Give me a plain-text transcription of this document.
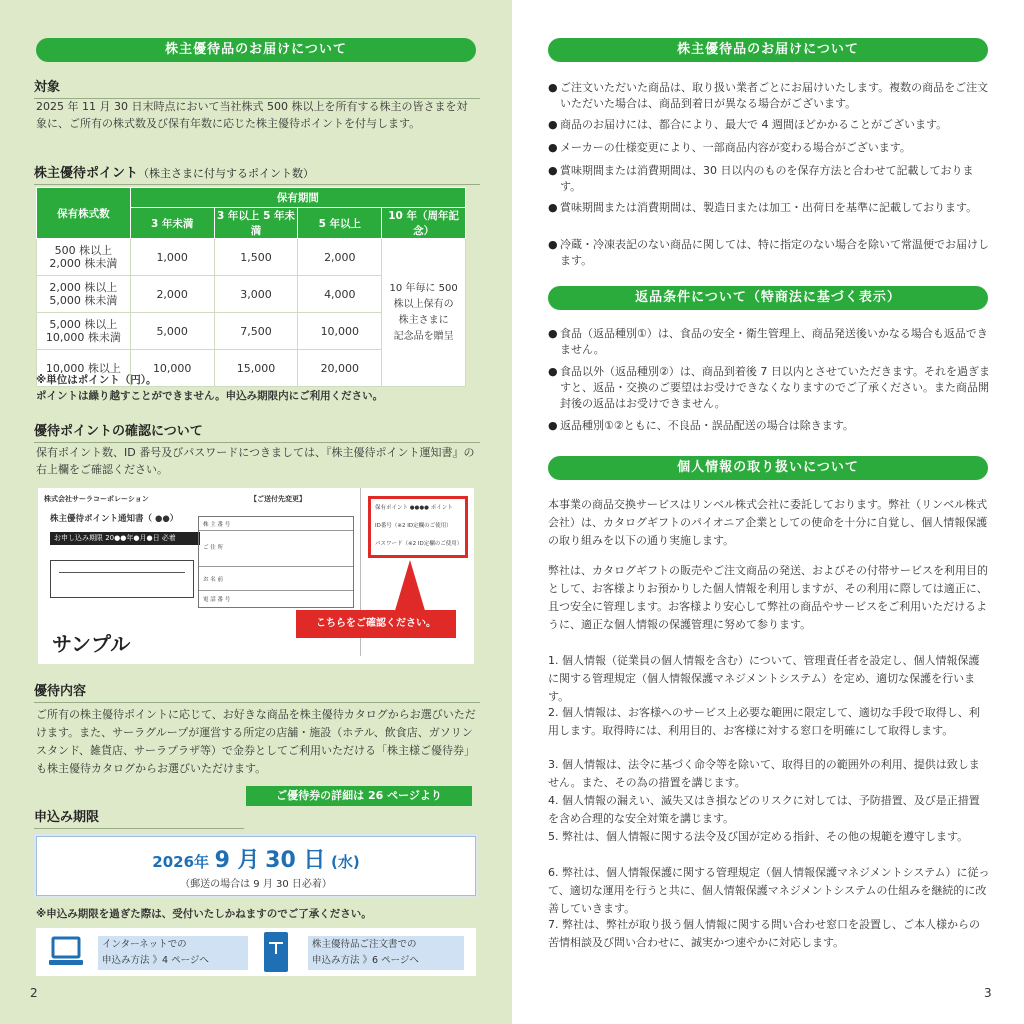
株主優待品のお届けについて
対象
2025 年 11 月 30 日末時点において当社株式 500 株以上を所有する株主の皆さまを対象に、ご所有の株式数及び保有年数に応じた株主優待ポイントを付与します。
株主優待ポイント（株主さまに付与するポイント数）
保有株式数	保有期間			
	3 年未満	3 年以上 5 年未満	5 年以上	10 年（周年記念）
500 株以上
2,000 株未満	1,000	1,500	2,000	10 年毎に 500
株以上保有の
株主さまに
記念品を贈呈
2,000 株以上
5,000 株未満	2,000	3,000	4,000	
5,000 株以上
10,000 株未満	5,000	7,500	10,000	
10,000 株以上	10,000	15,000	20,000	
※単位はポイント（円）。
ポイントは繰り越すことができません。申込み期限内にご利用ください。
優待ポイントの確認について
保有ポイント数、ID 番号及びパスワードにつきましては、『株主優待ポイント運知書』の右上欄をご確認ください。
株式会社サーラコーポレーション
株主優待ポイント通知書（ ●●）
お申し込み期限 20●●年●月●日 必着
【ご送付先変更】
株 主 番 号
ご 住 所
お 名 前
電 話 番 号
保有ポイント ●●●● ポイント
ID番号（※2 ID定欄のご使用）
パスワード（※2 ID定欄のご使用）
こちらをご確認ください。
サンプル
優待内容
ご所有の株主優待ポイントに応じて、お好きな商品を株主優待カタログからお選びいただけます。また、サーラグループが運営する所定の店舗・施設（ホテル、飲食店、ガソリンスタンド、雑貨店、サーラプラザ等）で金券としてご利用いただける「株主様ご優待券」も株主優待カタログからお選びいただけます。
ご優待券の詳細は 26 ページより
申込み期限
2026年 9 月 30 日 (水)
（郵送の場合は 9 月 30 日必着）
※申込み期限を過ぎた際は、受付いたしかねますのでご了承ください。
インターネットでの
申込み方法 》4 ページへ
株主優待品ご注文書での
申込み方法 》6 ページへ
2
株主優待品のお届けについて
● ご注文いただいた商品は、取り扱い業者ごとにお届けいたします。複数の商品をご注文いただいた場合は、商品到着日が異なる場合がございます。
● 商品のお届けには、都合により、最大で 4 週間ほどかかることがございます。
● メーカーの仕様変更により、一部商品内容が変わる場合がございます。
● 賞味期間または消費期間は、30 日以内のものを保存方法と合わせて記載しております。
● 賞味期間または消費期間は、製造日または加工・出荷日を基準に記載しております。
● 冷蔵・冷凍表記のない商品に関しては、特に指定のない場合を除いて常温便でお届けします。
返品条件について（特商法に基づく表示）
● 食品（返品種別①）は、食品の安全・衛生管理上、商品発送後いかなる場合も返品できません。
● 食品以外（返品種別②）は、商品到着後 7 日以内とさせていただきます。それを過ぎますと、返品・交換のご要望はお受けできなくなりますのでご了承ください。また商品開封後の返品はお受けできません。
● 返品種別①②ともに、不良品・誤品配送の場合は除きます。
個人情報の取り扱いについて
本事業の商品交換サービスはリンベル株式会社に委託しております。弊社（リンベル株式会社）は、カタログギフトのパイオニア企業としての使命を十分に自覚し、個人情報保護の取り組みを以下の通り実施します。
弊社は、カタログギフトの販売やご注文商品の発送、およびその付帯サービスを利用目的として、お客様よりお預かりした個人情報を利用しますが、その利用に際しては適正に、且つ安全に管理します。お客様より安心して弊社の商品やサービスをご利用いただけるように、適正な個人情報の保護管理に努めて参ります。
1. 個人情報（従業員の個人情報を含む）について、管理責任者を設定し、個人情報保護に関する管理規定（個人情報保護マネジメントシステム）を定め、適切な保護を行います。
2. 個人情報は、お客様へのサービス上必要な範囲に限定して、適切な手段で取得し、利用します。取得時には、利用目的、お客様に対する窓口を明確にして取得します。
3. 個人情報は、法令に基づく命令等を除いて、取得目的の範囲外の利用、提供は致しません。また、その為の措置を講じます。
4. 個人情報の漏えい、滅失又はき損などのリスクに対しては、予防措置、及び是正措置を含め合理的な安全対策を講じます。
5. 弊社は、個人情報に関する法令及び国が定める指針、その他の規範を遵守します。
6. 弊社は、個人情報保護に関する管理規定（個人情報保護マネジメントシステム）に従って、適切な運用を行うと共に、個人情報保護マネジメントシステムの仕組みを継続的に改善していきます。
7. 弊社は、弊社が取り扱う個人情報に関する問い合わせ窓口を設置し、ご本人様からの苦情相談及び問い合わせに、誠実かつ速やかに対応します。
3
